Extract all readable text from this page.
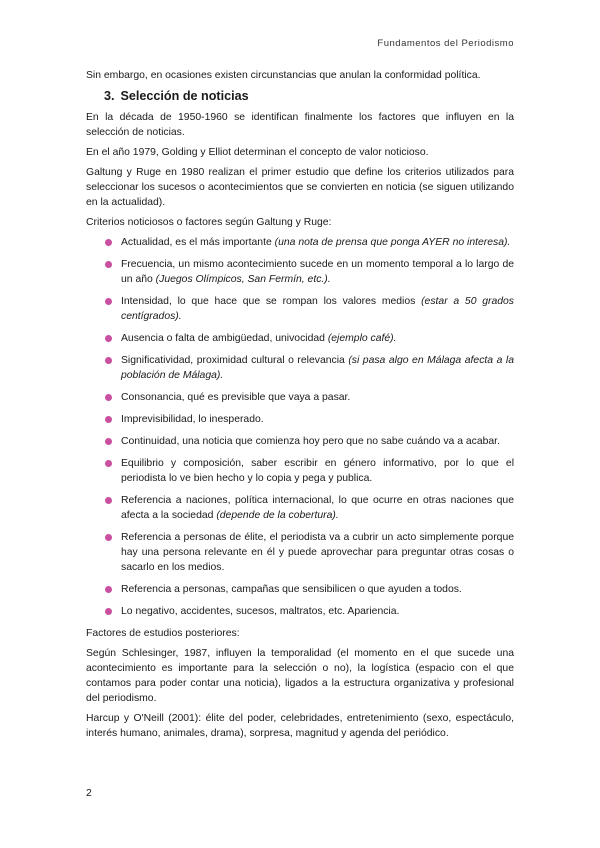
Fundamentos del Periodismo

Sin embargo, en ocasiones existen circunstancias que anulan la conformidad política.

3. Selección de noticias

En la década de 1950-1960 se identifican finalmente los factores que influyen en la selección de noticias.

En el año 1979, Golding y Elliot determinan el concepto de valor noticioso.

Galtung y Ruge en 1980 realizan el primer estudio que define los criterios utilizados para seleccionar los sucesos o acontecimientos que se convierten en noticia (se siguen utilizando en la actualidad).

Criterios noticiosos o factores según Galtung y Ruge:

Actualidad, es el más importante (una nota de prensa que ponga AYER no interesa).
Frecuencia, un mismo acontecimiento sucede en un momento temporal a lo largo de un año (Juegos Olímpicos, San Fermín, etc.).
Intensidad, lo que hace que se rompan los valores medios (estar a 50 grados centígrados).
Ausencia o falta de ambigüedad, univocidad (ejemplo café).
Significatividad, proximidad cultural o relevancia (si pasa algo en Málaga afecta a la población de Málaga).
Consonancia, qué es previsible que vaya a pasar.
Imprevisibilidad, lo inesperado.
Continuidad, una noticia que comienza hoy pero que no sabe cuándo va a acabar.
Equilibrio y composición, saber escribir en género informativo, por lo que el periodista lo ve bien hecho y lo copia y pega y publica.
Referencia a naciones, política internacional, lo que ocurre en otras naciones que afecta a la sociedad (depende de la cobertura).
Referencia a personas de élite, el periodista va a cubrir un acto simplemente porque hay una persona relevante en él y puede aprovechar para preguntar otras cosas o sacarlo en los medios.
Referencia a personas, campañas que sensibilicen o que ayuden a todos.
Lo negativo, accidentes, sucesos, maltratos, etc. Apariencia.

Factores de estudios posteriores:

Según Schlesinger, 1987, influyen la temporalidad (el momento en el que sucede una acontecimiento es importante para la selección o no), la logística (espacio con el que contamos para poder contar una noticia), ligados a la estructura organizativa y profesional del periodismo.

Harcup y O'Neill (2001): élite del poder, celebridades, entretenimiento (sexo, espectáculo, interés humano, animales, drama), sorpresa, magnitud y agenda del periódico.

2
